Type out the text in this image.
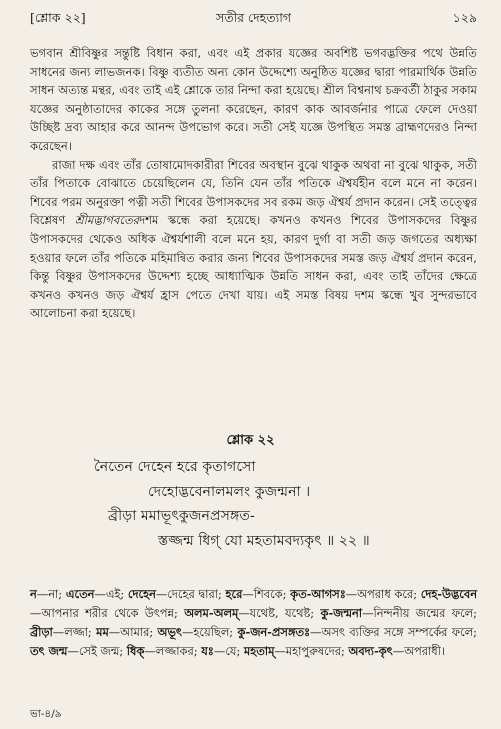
[শ্লোক ২২]	সতীর দেহত্যাগ	১২৯

ভগবান শ্রীবিষ্ণুর সন্তুষ্টি বিধান করা, এবং এই প্রকার যজ্ঞের অবশিষ্ট ভগবদ্ভক্তির পথে উন্নতি সাধনের জন্য লাভজনক। বিষ্ণু ব্যতীত অন্য কোন উদ্দেশ্যে অনুষ্ঠিত যজ্ঞের দ্বারা পারমার্থিক উন্নতি সাধন অত্যন্ত মন্থর, এবং তাই এই শ্লোকে তার নিন্দা করা হয়েছে। শ্রীল বিশ্বনাথ চক্রবর্তী ঠাকুর সকাম যজ্ঞের অনুষ্ঠাতাদের কাকের সঙ্গে তুলনা করেছেন, কারণ কাক আবর্জনার পাত্রে ফেলে দেওয়া উচ্ছিষ্ট দ্রব্য আহার করে আনন্দ উপভোগ করে। সতী সেই যজ্ঞে উপস্থিত সমস্ত ব্রাহ্মণদেরও নিন্দা করেছেন।

রাজা দক্ষ এবং তাঁর তোষামোদকারীরা শিবের অবস্থান বুঝে থাকুক অথবা না বুঝে থাকুক, সতী তাঁর পিতাকে বোঝাতে চেয়েছিলেন যে, তিনি যেন তাঁর পতিকে ঐশ্বর্যহীন বলে মনে না করেন। শিবের পরম অনুরক্তা পত্নী সতী শিবের উপাসকদের সব রকম জড় ঐশ্বর্য প্রদান করেন। সেই তত্ত্বের বিশ্লেষণ শ্রীমদ্ভাগবতেরদশম স্কন্ধে করা হয়েছে। কখনও কখনও শিবের উপাসকদের বিষ্ণুর উপাসকদের থেকেও অধিক ঐশ্বর্যশালী বলে মনে হয়, কারণ দুর্গা বা সতী জড় জগতের অধ্যক্ষা হওয়ার ফলে তাঁর পতিকে মহিমান্বিত করার জন্য শিবের উপাসকদের সমস্ত জড় ঐশ্বর্য প্রদান করেন, কিন্তু বিষ্ণুর উপাসকদের উদ্দেশ্য হচ্ছে আধ্যাত্মিক উন্নতি সাধন করা, এবং তাই তাঁদের ক্ষেত্রে কখনও কখনও জড় ঐশ্বর্য হ্রাস পেতে দেখা যায়। এই সমস্ত বিষয় দশম স্কন্ধে খুব সুন্দরভাবে আলোচনা করা হয়েছে।

শ্লোক ২২
নৈতেন দেহেন হরে কৃতাগসো
দেহোদ্ভবেনালমলং কুজন্মনা ।
ব্রীড়া মমাভূৎকুজনপ্রসঙ্গত-
স্তজ্জন্ম ধিগ্ যো মহতামবদ্যকৃৎ ॥ ২২ ॥
ন—না; এতেন—এই; দেহেন—দেহের দ্বারা; হরে—শিবকে; কৃত-আগসঃ—অপরাধ করে; দেহ-উদ্ভবেন—আপনার শরীর থেকে উৎপন্ন; অলম-অলম্—যথেষ্ট, যথেষ্ট; কু-জন্মনা—নিন্দনীয় জন্মের ফলে; ব্রীড়া—লজ্জা; মম—আমার; অভূৎ—হয়েছিল; কু-জন-প্রসঙ্গতঃ—অসৎ ব্যক্তির সঙ্গে সম্পর্কের ফলে; তৎ জন্ম—সেই জন্ম; ধিক্—লজ্জাকর; যঃ—যে; মহতাম্—মহাপুরুষদের; অবদ্য-কৃৎ—অপরাধী।
ভা-৪/৯
